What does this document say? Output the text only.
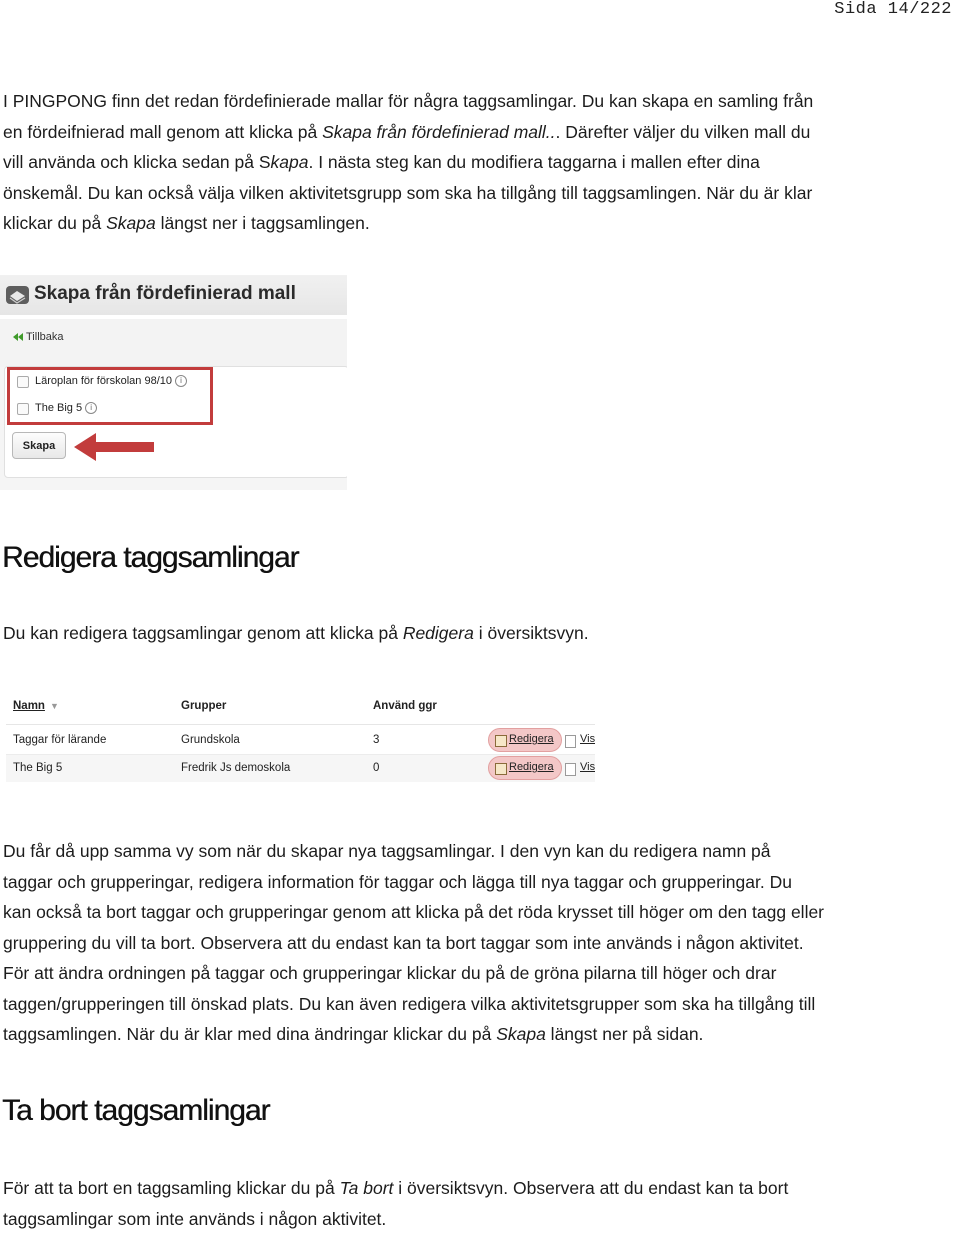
Sida 14/222
I PINGPONG finn det redan fördefinierade mallar för några taggsamlingar. Du kan skapa en samling från
en fördeifnierad mall genom att klicka på Skapa från fördefinierad mall... Därefter väljer du vilken mall du
vill använda och klicka sedan på Skapa. I nästa steg kan du modifiera taggarna i mallen efter dina
önskemål. Du kan också välja vilken aktivitetsgrupp som ska ha tillgång till taggsamlingen. När du är klar
klickar du på Skapa längst ner i taggsamlingen.
Skapa från fördefinierad mall
Tillbaka
Läroplan för förskolan 98/10 i
The Big 5 i
Skapa
Redigera taggsamlingar
Du kan redigera taggsamlingar genom att klicka på Redigera i översiktsvyn.
Namn ▼	Grupper	Använd ggr
Taggar för lärande	Grundskola	3	Redigera Vis
The Big 5	Fredrik Js demoskola	0	Redigera Vis
Du får då upp samma vy som när du skapar nya taggsamlingar. I den vyn kan du redigera namn på
taggar och grupperingar, redigera information för taggar och lägga till nya taggar och grupperingar. Du
kan också ta bort taggar och grupperingar genom att klicka på det röda krysset till höger om den tagg eller
gruppering du vill ta bort. Observera att du endast kan ta bort taggar som inte används i någon aktivitet.
För att ändra ordningen på taggar och grupperingar klickar du på de gröna pilarna till höger och drar
taggen/grupperingen till önskad plats. Du kan även redigera vilka aktivitetsgrupper som ska ha tillgång till
taggsamlingen. När du är klar med dina ändringar klickar du på Skapa längst ner på sidan.
Ta bort taggsamlingar
För att ta bort en taggsamling klickar du på Ta bort i översiktsvyn. Observera att du endast kan ta bort
taggsamlingar som inte används i någon aktivitet.
